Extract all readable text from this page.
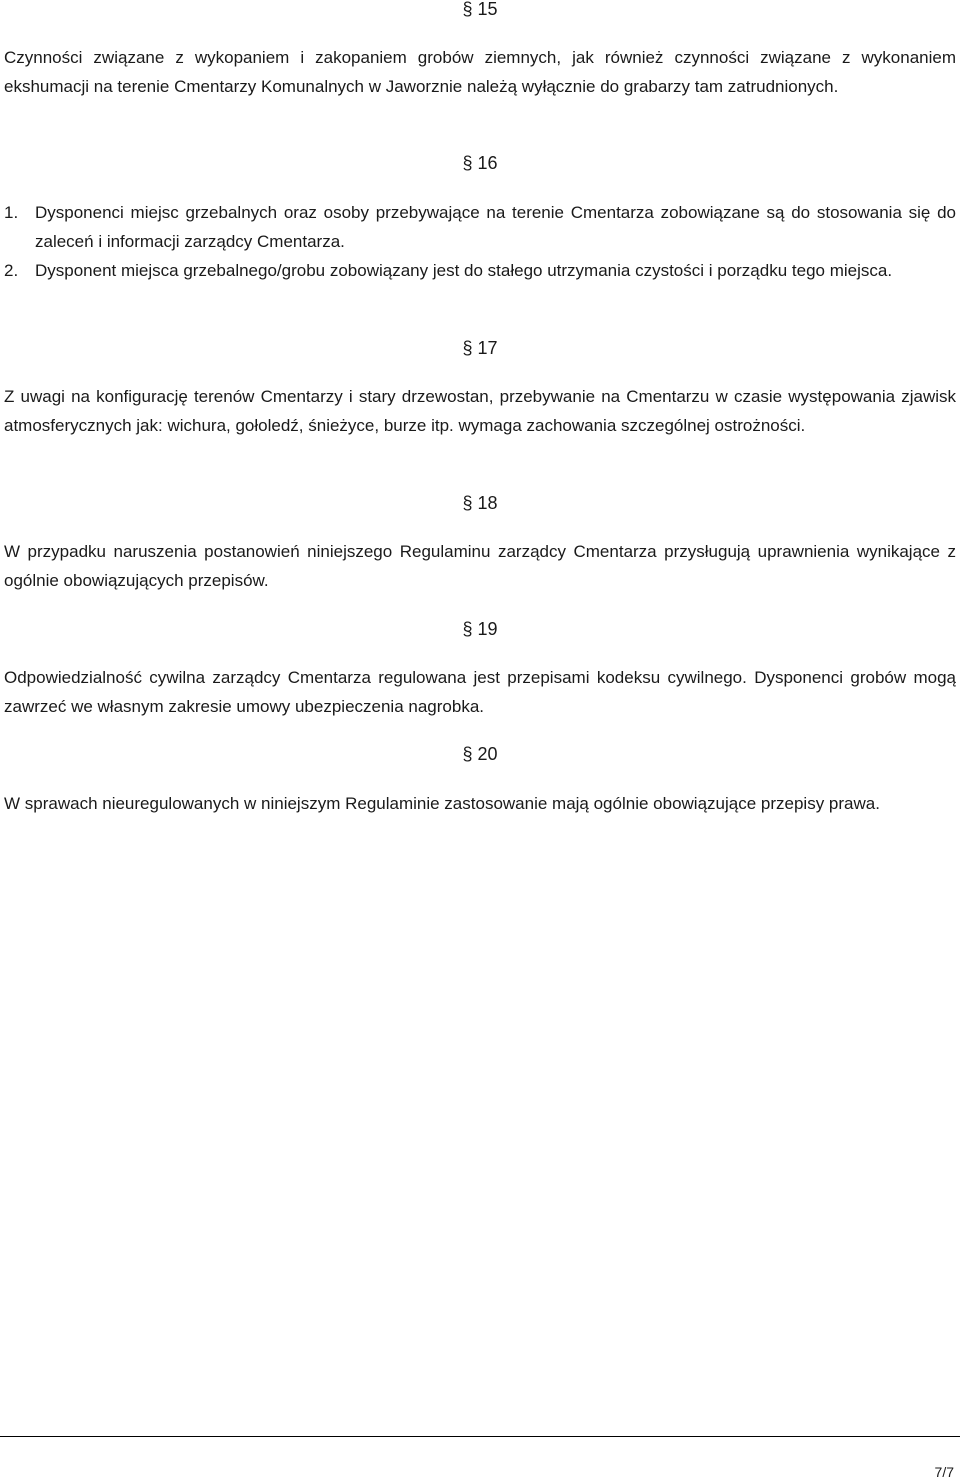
§ 15
Czynności związane z wykopaniem i zakopaniem grobów ziemnych, jak również czynności związane z wykonaniem ekshumacji na terenie Cmentarzy Komunalnych w Jaworznie należą wyłącznie do grabarzy tam zatrudnionych.
§ 16
1. Dysponenci miejsc grzebalnych oraz osoby przebywające na terenie Cmentarza zobowiązane są do stosowania się do zaleceń i informacji zarządcy Cmentarza.
2. Dysponent miejsca grzebalnego/grobu zobowiązany jest do stałego utrzymania czystości i porządku tego miejsca.
§ 17
Z uwagi na konfigurację terenów Cmentarzy i stary drzewostan, przebywanie na Cmentarzu w czasie występowania zjawisk atmosferycznych jak: wichura, gołoledź, śnieżyce, burze itp. wymaga zachowania szczególnej ostrożności.
§ 18
W przypadku naruszenia postanowień niniejszego Regulaminu zarządcy Cmentarza przysługują uprawnienia wynikające z ogólnie obowiązujących przepisów.
§ 19
Odpowiedzialność cywilna zarządcy Cmentarza regulowana jest przepisami kodeksu cywilnego. Dysponenci grobów mogą zawrzeć we własnym zakresie umowy ubezpieczenia nagrobka.
§ 20
W sprawach nieuregulowanych w niniejszym Regulaminie zastosowanie mają ogólnie obowiązujące przepisy prawa.
7/7
